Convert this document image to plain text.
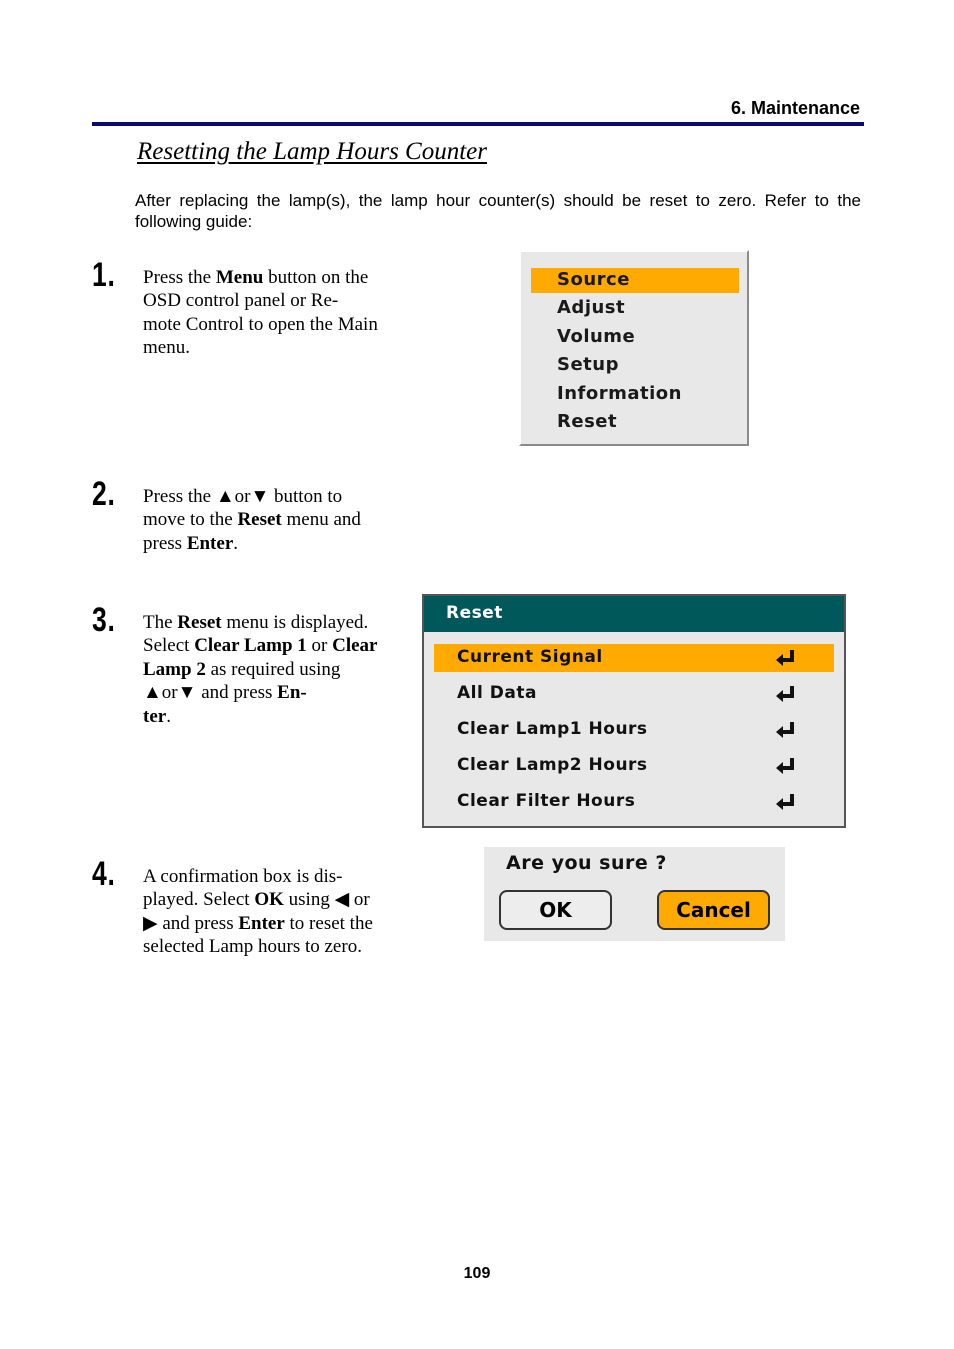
6. Maintenance
Resetting the Lamp Hours Counter
After replacing the lamp(s), the lamp hour counter(s) should be reset to zero. Refer to the following guide:
1. Press the Menu button on the OSD control panel or Re-
mote Control to open the Main menu.
2. Press the ▲or▼ button to move to the Reset menu and press Enter.
3. The Reset menu is displayed. Select Clear Lamp 1 or Clear Lamp 2 as required using ▲or▼ and press En-
ter.
4. A confirmation box is dis-
played. Select OK using ◀ or ▶ and press Enter to reset the selected Lamp hours to zero.
Source
Adjust
Volume
Setup
Information
Reset
Reset
Current Signal
All Data
Clear Lamp1 Hours
Clear Lamp2 Hours
Clear Filter Hours
Are you sure ?
OK	Cancel
109
